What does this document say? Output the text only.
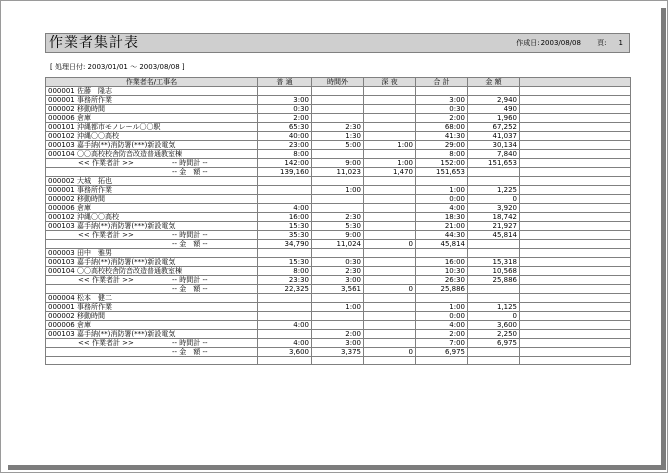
作業者集計表	作成日:2003/08/08 頁: 1
[ 処理日付: 2003/01/01 〜 2003/08/08 ]
作業者名/工事名	普 通	時間外	深 夜	合 計	金 額	
000001 佐藤　隆志						
000001 事務所作業	3:00			3:00	2,940	
000002 移動時間	0:30			0:30	490	
000006 倉庫	2:00			2:00	1,960	
000101 沖縄都市モノレール〇〇駅	65:30	2:30		68:00	67,252	
000102 沖縄〇〇高校	40:00	1:30		41:30	41,037	
000103 嘉手納(**)消防署(***)新設電気	23:00	5:00	1:00	29:00	30,134	
000104 〇〇高校校舎防音改造普通教室棟	8:00			8:00	7,840	
<< 作業者計 >> -- 時間計 --	142:00	9:00	1:00	152:00	151,653	
-- 金　額 --	139,160	11,023	1,470	151,653		
000002 大城　拓也						
000001 事務所作業		1:00		1:00	1,225	
000002 移動時間				0:00	0	
000006 倉庫	4:00			4:00	3,920	
000102 沖縄〇〇高校	16:00	2:30		18:30	18,742	
000103 嘉手納(**)消防署(***)新設電気	15:30	5:30		21:00	21,927	
<< 作業者計 >> -- 時間計 --	35:30	9:00		44:30	45,814	
-- 金　額 --	34,790	11,024	0	45,814		
000003 田中　雅男						
000103 嘉手納(**)消防署(***)新設電気	15:30	0:30		16:00	15,318	
000104 〇〇高校校舎防音改造普通教室棟	8:00	2:30		10:30	10,568	
<< 作業者計 >> -- 時間計 --	23:30	3:00		26:30	25,886	
-- 金　額 --	22,325	3,561	0	25,886		
000004 松本　健二						
000001 事務所作業		1:00		1:00	1,125	
000002 移動時間				0:00	0	
000006 倉庫	4:00			4:00	3,600	
000103 嘉手納(**)消防署(***)新設電気		2:00		2:00	2,250	
<< 作業者計 >> -- 時間計 --	4:00	3:00		7:00	6,975	
-- 金　額 --	3,600	3,375	0	6,975		
